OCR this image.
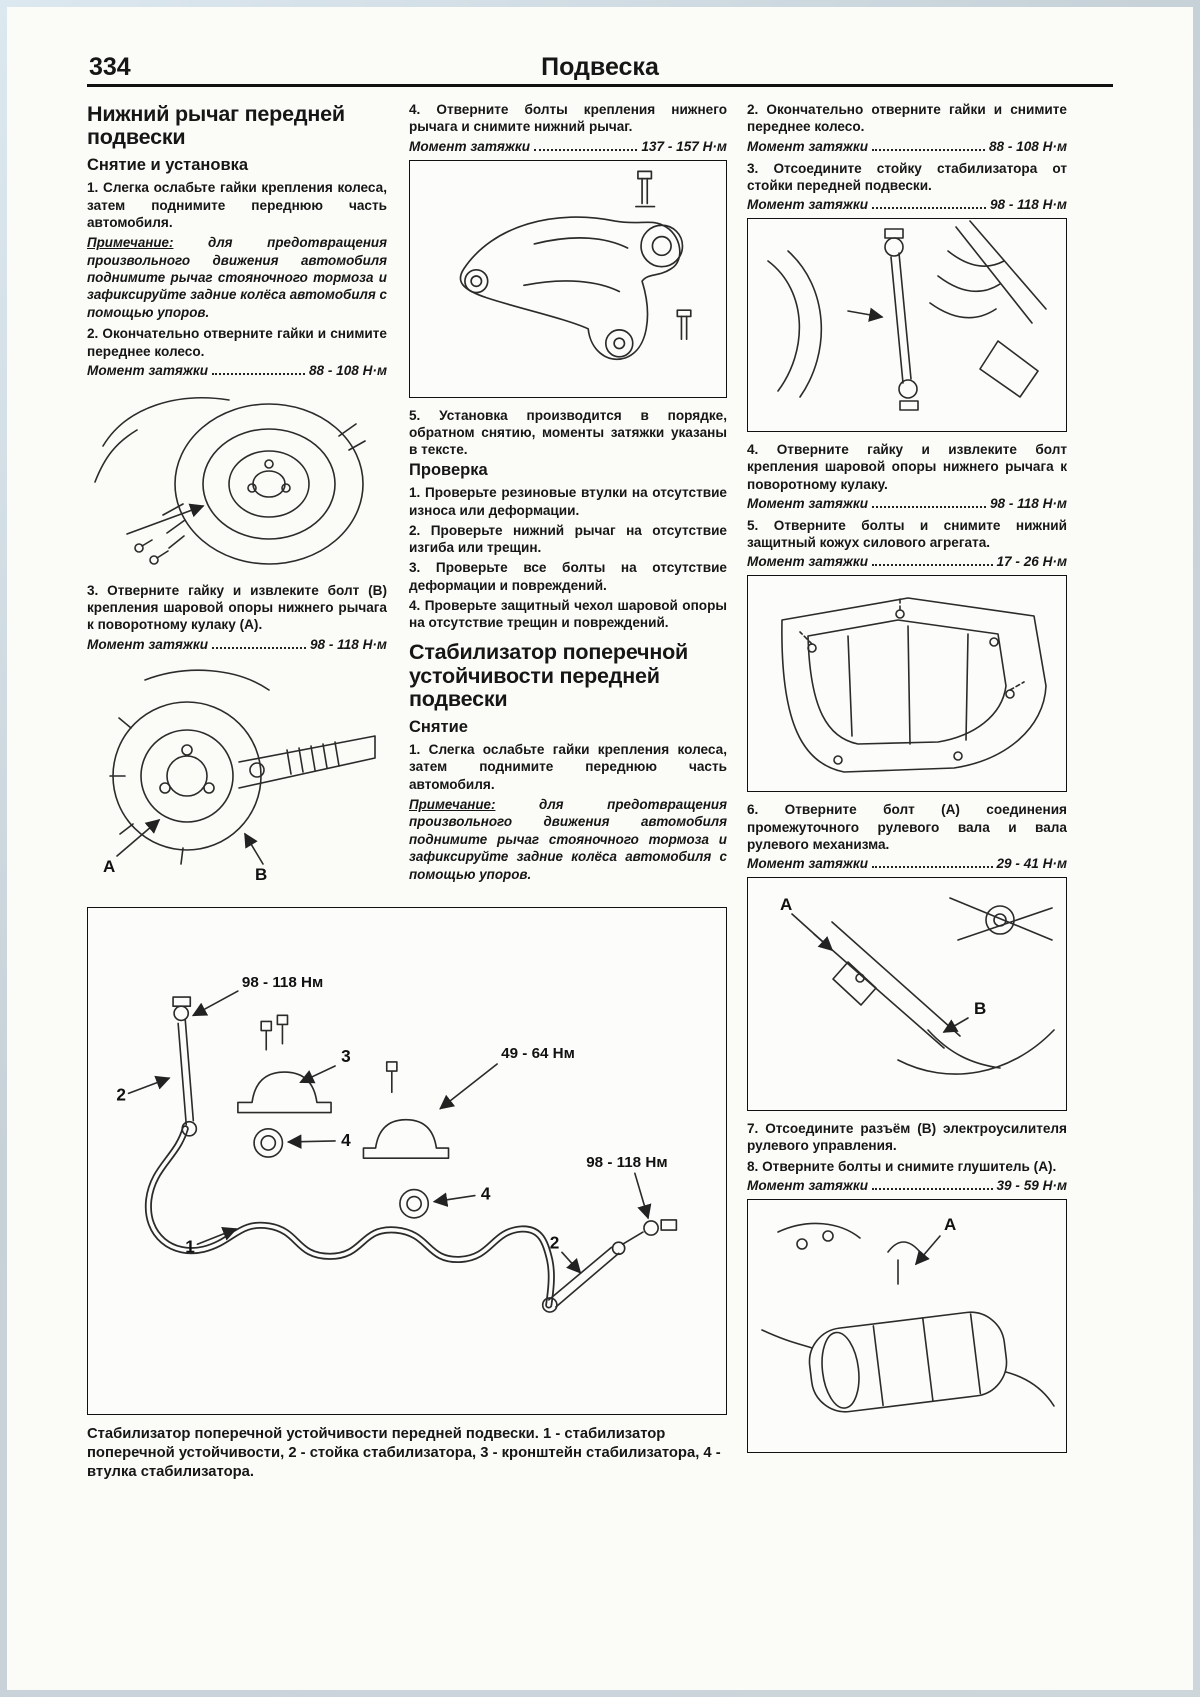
334	Подвеска
Нижний рычаг передней подвески
Снятие и установка

1. Слегка ослабьте гайки крепления колеса, затем поднимите переднюю часть автомобиля.

Примечание: для предотвращения произвольного движения автомобиля поднимите рычаг стояночного тормоза и зафиксируйте задние колёса автомобиля с помощью упоров.

2. Окончательно отверните гайки и снимите переднее колесо.

Момент затяжки	88 - 108 Н·м

3. Отверните гайку и извлеките болт (B) крепления шаровой опоры нижнего рычага к поворотному кулаку (A).

Момент затяжки	98 - 118 Н·м
A	B

4. Отверните болты крепления нижнего рычага и снимите нижний рычаг.

Момент затяжки	137 - 157 Н·м

5. Установка производится в порядке, обратном снятию, моменты затяжки указаны в тексте.

Проверка

1. Проверьте резиновые втулки на отсутствие износа или деформации.

2. Проверьте нижний рычаг на отсутствие изгиба или трещин.

3. Проверьте все болты на отсутствие деформации и повреждений.

4. Проверьте защитный чехол шаровой опоры на отсутствие трещин и повреждений.

Стабилизатор поперечной устойчивости передней подвески
Снятие

1. Слегка ослабьте гайки крепления колеса, затем поднимите переднюю часть автомобиля.

Примечание: для предотвращения произвольного движения автомобиля поднимите рычаг стояночного тормоза и зафиксируйте задние колёса автомобиля с помощью упоров.

98 - 118 Нм
49 - 64 Нм
98 - 118 Нм
2
3
4
4
1	2
Стабилизатор поперечной устойчивости передней подвески. 1 - стабилизатор поперечной устойчивости, 2 - стойка стабилизатора, 3 - кронштейн стабилизатора, 4 - втулка стабилизатора.

2. Окончательно отверните гайки и снимите переднее колесо.

Момент затяжки	88 - 108 Н·м

3. Отсоедините стойку стабилизатора от стойки передней подвески.

Момент затяжки	98 - 118 Н·м

4. Отверните гайку и извлеките болт крепления шаровой опоры нижнего рычага к поворотному кулаку.

Момент затяжки	98 - 118 Н·м

5. Отверните болты и снимите нижний защитный кожух силового агрегата.

Момент затяжки	17 - 26 Н·м

6. Отверните болт (A) соединения промежуточного рулевого вала и вала рулевого механизма.

Момент затяжки	29 - 41 Н·м
A
B

7. Отсоедините разъём (B) электроусилителя рулевого управления.

8. Отверните болты и снимите глушитель (A).

Момент затяжки	39 - 59 Н·м
A
